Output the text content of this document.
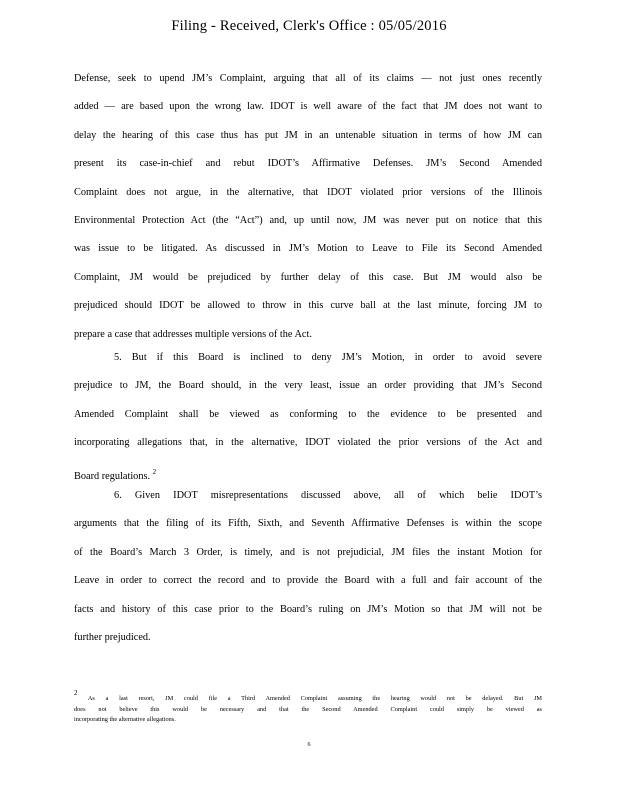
Filing - Received, Clerk's Office : 05/05/2016
Defense, seek to upend JM’s Complaint, arguing that all of its claims — not just ones recently
added — are based upon the wrong law. IDOT is well aware of the fact that JM does not want to
delay the hearing of this case thus has put JM in an untenable situation in terms of how JM can
present its case-in-chief and rebut IDOT’s Affirmative Defenses. JM’s Second Amended
Complaint does not argue, in the alternative, that IDOT violated prior versions of the Illinois
Environmental Protection Act (the “Act”) and, up until now, JM was never put on notice that this
was issue to be litigated. As discussed in JM’s Motion to Leave to File its Second Amended
Complaint, JM would be prejudiced by further delay of this case. But JM would also be
prejudiced should IDOT be allowed to throw in this curve ball at the last minute, forcing JM to
prepare a case that addresses multiple versions of the Act.
5. But if this Board is inclined to deny JM’s Motion, in order to avoid severe
prejudice to JM, the Board should, in the very least, issue an order providing that JM’s Second
Amended Complaint shall be viewed as conforming to the evidence to be presented and
incorporating allegations that, in the alternative, IDOT violated the prior versions of the Act and
Board regulations. $^2$
6. Given IDOT misrepresentations discussed above, all of which belie IDOT’s
arguments that the filing of its Fifth, Sixth, and Seventh Affirmative Defenses is within the scope
of the Board’s March 3 Order, is timely, and is not prejudicial, JM files the instant Motion for
Leave in order to correct the record and to provide the Board with a full and fair account of the
facts and history of this case prior to the Board’s ruling on JM’s Motion so that JM will not be
further prejudiced.
$^2$ As a last resort, JM could file a Third Amended Complaint assuming the hearing would not be delayed. But JM
does not believe this would be necessary and that the Second Amended Complaint could simply be viewed as
incorporating the alternative allegations.
6
